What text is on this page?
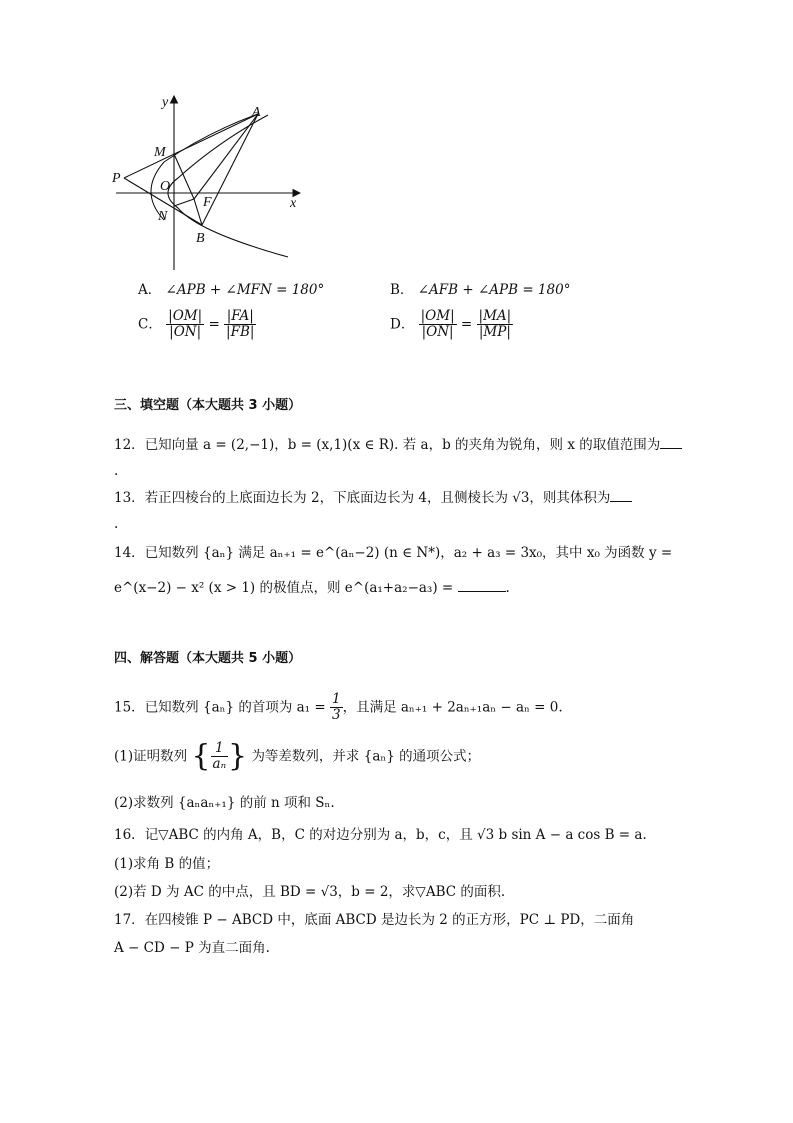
y
x
A
M
P
O
F
N
B
A． ∠APB + ∠MFN = 180°	B． ∠AFB + ∠APB = 180°
C． $\frac{|OM|}{|ON|} = \frac{|FA|}{|FB|}$	D． $\frac{|OM|}{|ON|} = \frac{|MA|}{|MP|}$
三、填空题（本大题共 3 小题）
12．已知向量 a = (2,−1)，b = (x,1)(x ∈ R). 若 a，b 的夹角为锐角，则 x 的取值范围为
.
13．若正四棱台的上底面边长为 2，下底面边长为 4，且侧棱长为 √3，则其体积为
.
14．已知数列 {aₙ} 满足 aₙ₊₁ = e^(aₙ−2) (n ∈ N*)，a₂ + a₃ = 3x₀，其中 x₀ 为函数 y =
e^(x−2) − x² (x > 1) 的极值点，则 e^(a₁+a₂−a₃) =	.
四、解答题（本大题共 5 小题）
15．已知数列 {aₙ} 的首项为 $a_1 = \frac{1}{3}$ ，且满足 aₙ₊₁ + 2aₙ₊₁aₙ − aₙ = 0.
(1)证明数列 { $\frac{1}{\text{aₙ}}$ } 为等差数列，并求 {aₙ} 的通项公式；
(2)求数列 {aₙaₙ₊₁} 的前 n 项和 Sₙ.
16．记▽ABC 的内角 A，B，C 的对边分别为 a，b，c，且 √3 b sin A − a cos B = a.
(1)求角 B 的值；
(2)若 D 为 AC 的中点，且 BD = √3，b = 2，求▽ABC 的面积.
17．在四棱锥 P − ABCD 中，底面 ABCD 是边长为 2 的正方形，PC ⊥ PD，二面角
A − CD − P 为直二面角.
